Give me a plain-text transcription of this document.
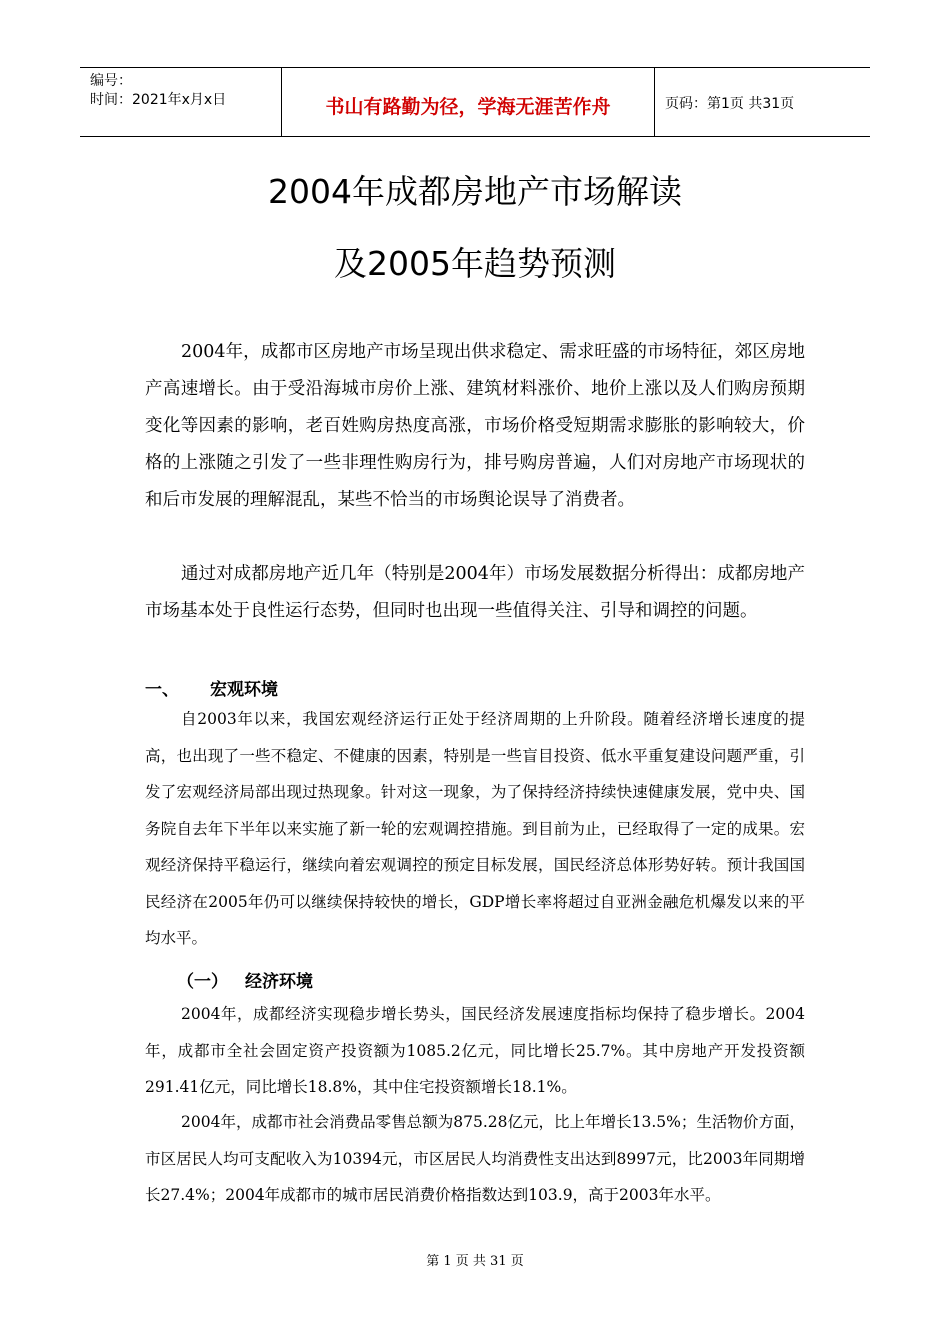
编号：
时间：2021年x月x日	书山有路勤为径，学海无涯苦作舟	页码：第1页 共31页
2004年成都房地产市场解读
及2005年趋势预测
2004年，成都市区房地产市场呈现出供求稳定、需求旺盛的市场特征，郊区房地产高速增长。由于受沿海城市房价上涨、建筑材料涨价、地价上涨以及人们购房预期变化等因素的影响，老百姓购房热度高涨，市场价格受短期需求膨胀的影响较大，价格的上涨随之引发了一些非理性购房行为，排号购房普遍，人们对房地产市场现状的和后市发展的理解混乱，某些不恰当的市场舆论误导了消费者。
通过对成都房地产近几年（特别是2004年）市场发展数据分析得出：成都房地产市场基本处于良性运行态势，但同时也出现一些值得关注、引导和调控的问题。
一、 宏观环境
自2003年以来，我国宏观经济运行正处于经济周期的上升阶段。随着经济增长速度的提高，也出现了一些不稳定、不健康的因素，特别是一些盲目投资、低水平重复建设问题严重，引发了宏观经济局部出现过热现象。针对这一现象，为了保持经济持续快速健康发展，党中央、国务院自去年下半年以来实施了新一轮的宏观调控措施。到目前为止，已经取得了一定的成果。宏观经济保持平稳运行，继续向着宏观调控的预定目标发展，国民经济总体形势好转。预计我国国民经济在2005年仍可以继续保持较快的增长，GDP增长率将超过自亚洲金融危机爆发以来的平均水平。
（一） 经济环境
2004年，成都经济实现稳步增长势头，国民经济发展速度指标均保持了稳步增长。2004年，成都市全社会固定资产投资额为1085.2亿元，同比增长25.7%。其中房地产开发投资额291.41亿元，同比增长18.8%，其中住宅投资额增长18.1%。
2004年，成都市社会消费品零售总额为875.28亿元，比上年增长13.5%；生活物价方面，市区居民人均可支配收入为10394元，市区居民人均消费性支出达到8997元，比2003年同期增长27.4%；2004年成都市的城市居民消费价格指数达到103.9，高于2003年水平。
第 1 页 共 31 页
